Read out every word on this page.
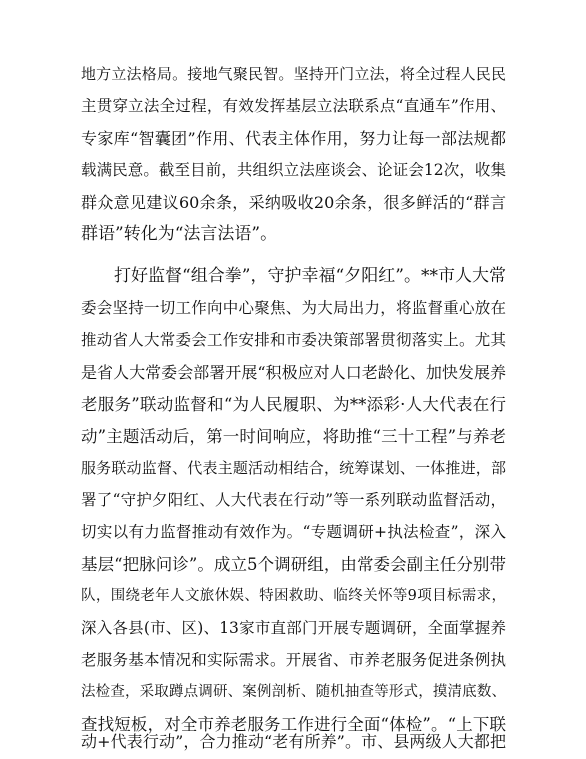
地方立法格局。接地气聚民智。坚持开门立法，将全过程人民民
主贯穿立法全过程，有效发挥基层立法联系点“直通车”作用、
专家库“智囊团”作用、代表主体作用，努力让每一部法规都
载满民意。截至目前，共组织立法座谈会、论证会12次，收集
群众意见建议60余条，采纳吸收20余条，很多鲜活的“群言
群语”转化为“法言法语”。
打好监督“组合拳”，守护幸福“夕阳红”。**市人大常
委会坚持一切工作向中心聚焦、为大局出力，将监督重心放在
推动省人大常委会工作安排和市委决策部署贯彻落实上。尤其
是省人大常委会部署开展“积极应对人口老龄化、加快发展养
老服务”联动监督和“为人民履职、为**添彩·人大代表在行
动”主题活动后，第一时间响应，将助推“三十工程”与养老
服务联动监督、代表主题活动相结合，统筹谋划、一体推进，部
署了“守护夕阳红、人大代表在行动”等一系列联动监督活动，
切实以有力监督推动有效作为。“专题调研+执法检查”，深入
基层“把脉问诊”。成立5个调研组，由常委会副主任分别带
队，围绕老年人文旅休娱、特困救助、临终关怀等9项目标需求，
深入各县(市、区)、13家市直部门开展专题调研，全面掌握养
老服务基本情况和实际需求。开展省、市养老服务促进条例执
法检查，采取蹲点调研、案例剖析、随机抽查等形式，摸清底数、
查找短板，对全市养老服务工作进行全面“体检”。“上下联
动+代表行动”，合力推动“老有所养”。市、县两级人大都把
